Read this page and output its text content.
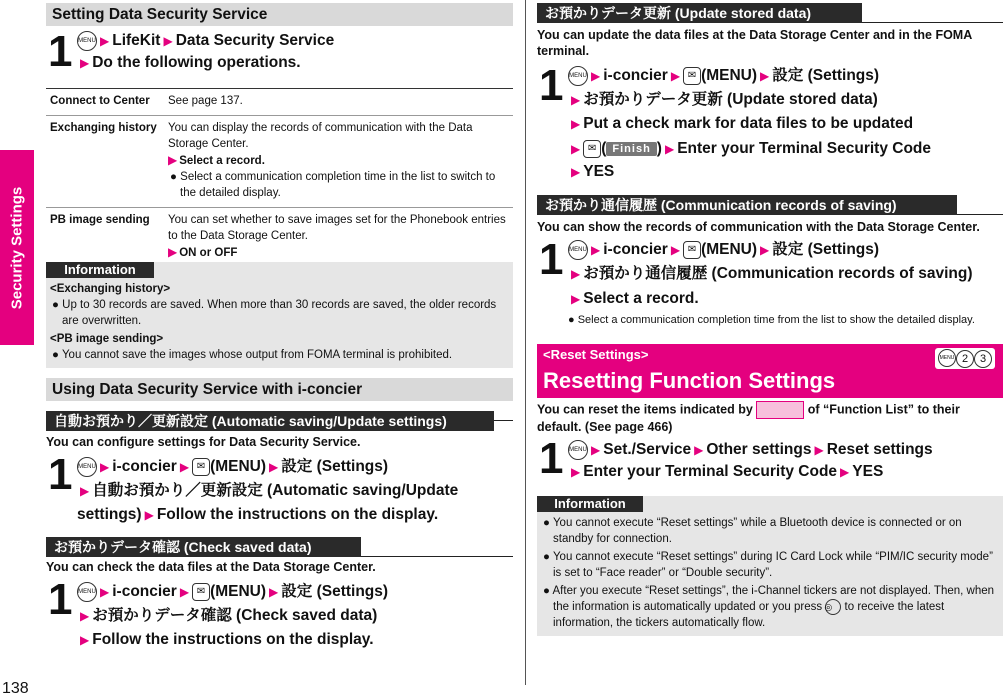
Security Settings
138
Setting Data Security Service
1 MENU ▶ LifeKit ▶ Data Security Service
▶ Do the following operations.
Connect to Center	See page 137.
Exchanging history	You can display the records of communication with the Data Storage Center.
▶ Select a record.
● Select a communication completion time in the list to switch to the detailed display.

PB image sending	You can set whether to save images set for the Phonebook entries to the Data Storage Center.
▶ ON or OFF
Information
<Exchanging history>
● Up to 30 records are saved. When more than 30 records are saved, the older records are overwritten.
<PB image sending>
● You cannot save the images whose output from FOMA terminal is prohibited.
Using Data Security Service with i-concier
自動お預かり／更新設定 (Automatic saving/Update settings)
You can configure settings for Data Security Service.
1 MENU ▶ i-concier ▶ ✉ (MENU) ▶ 設定 (Settings)
▶ 自動お預かり／更新設定 (Automatic saving/Update
settings) ▶ Follow the instructions on the display.
お預かりデータ確認 (Check saved data)
You can check the data files at the Data Storage Center.
1 MENU ▶ i-concier ▶ ✉ (MENU) ▶ 設定 (Settings)
▶ お預かりデータ確認 (Check saved data)
▶ Follow the instructions on the display.
お預かりデータ更新 (Update stored data)
You can update the data files at the Data Storage Center and in the FOMA terminal.
1 MENU ▶ i-concier ▶ ✉ (MENU) ▶ 設定 (Settings)
▶ お預かりデータ更新 (Update stored data)
▶ Put a check mark for data files to be updated
▶ ✉ ( Finish ) ▶ Enter your Terminal Security Code
▶ YES
お預かり通信履歴 (Communication records of saving)
You can show the records of communication with the Data Storage Center.
1 MENU ▶ i-concier ▶ ✉ (MENU) ▶ 設定 (Settings)
▶ お預かり通信履歴 (Communication records of saving)
▶ Select a record.
● Select a communication completion time from the list to show the detailed display.
<Reset Settings>
Resetting Function Settings
MENU 2 3
You can reset the items indicated by	of “Function List” to their default. (See page 466)
1 MENU ▶ Set./Service ▶ Other settings ▶ Reset settings
▶ Enter your Terminal Security Code ▶ YES
Information
● You cannot execute “Reset settings” while a Bluetooth device is connected or on standby for connection.
● You cannot execute “Reset settings” during IC Card Lock while “PIM/IC security mode” is set to “Face reader” or “Double security”.
● After you execute “Reset settings”, the i-Channel tickers are not displayed. Then, when the information is automatically updated or you press ◎ to receive the latest information, the tickers automatically flow.
